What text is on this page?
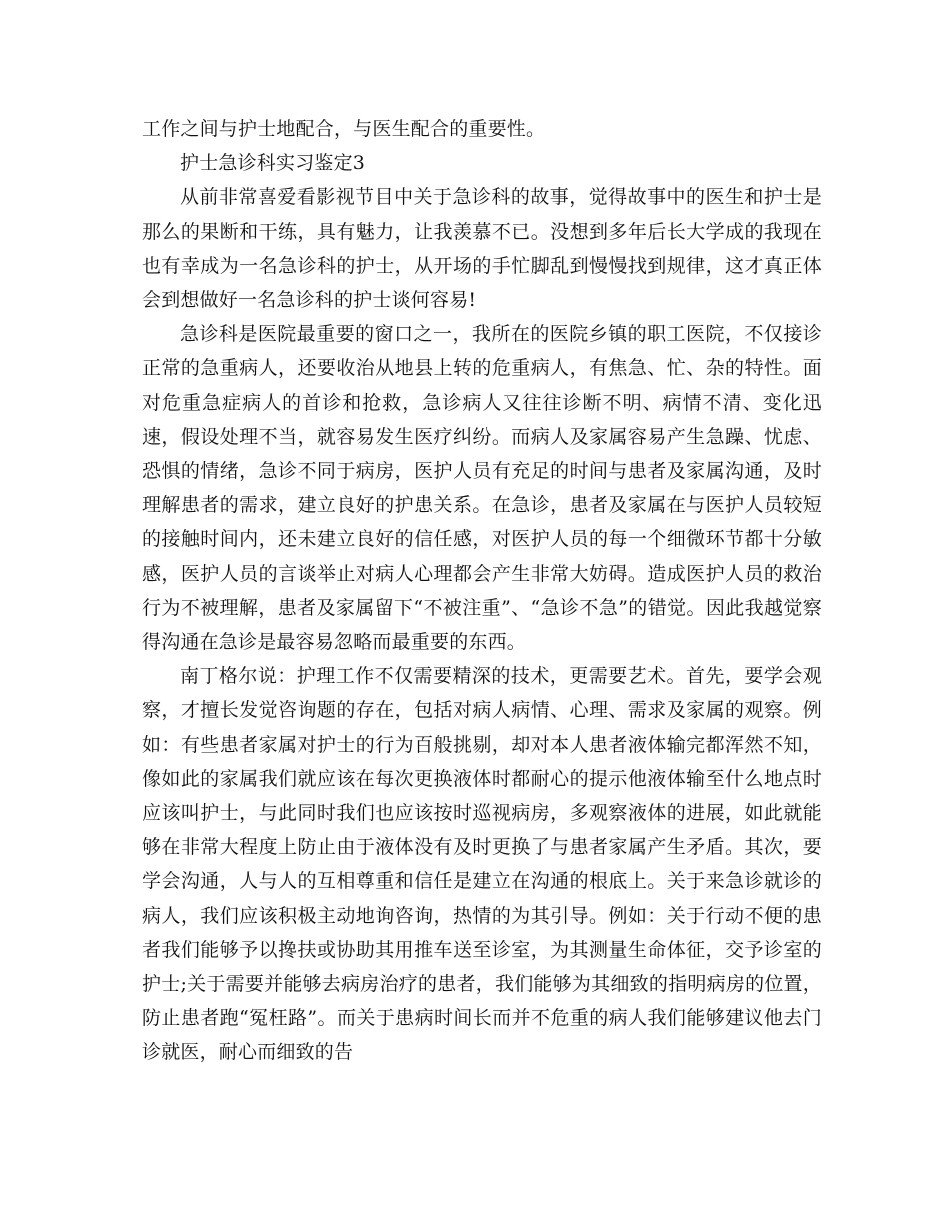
工作之间与护士地配合，与医生配合的重要性。

护士急诊科实习鉴定3

从前非常喜爱看影视节目中关于急诊科的故事，觉得故事中的医生和护士是那么的果断和干练，具有魅力，让我羡慕不已。没想到多年后长大学成的我现在也有幸成为一名急诊科的护士，从开场的手忙脚乱到慢慢找到规律，这才真正体会到想做好一名急诊科的护士谈何容易!

急诊科是医院最重要的窗口之一，我所在的医院乡镇的职工医院，不仅接诊正常的急重病人，还要收治从地县上转的危重病人，有焦急、忙、杂的特性。面对危重急症病人的首诊和抢救，急诊病人又往往诊断不明、病情不清、变化迅速，假设处理不当，就容易发生医疗纠纷。而病人及家属容易产生急躁、忧虑、恐惧的情绪，急诊不同于病房，医护人员有充足的时间与患者及家属沟通，及时理解患者的需求，建立良好的护患关系。在急诊，患者及家属在与医护人员较短的接触时间内，还未建立良好的信任感，对医护人员的每一个细微环节都十分敏感，医护人员的言谈举止对病人心理都会产生非常大妨碍。造成医护人员的救治行为不被理解，患者及家属留下“不被注重”、“急诊不急”的错觉。因此我越觉察得沟通在急诊是最容易忽略而最重要的东西。

南丁格尔说：护理工作不仅需要精深的技术，更需要艺术。首先，要学会观察，才擅长发觉咨询题的存在，包括对病人病情、心理、需求及家属的观察。例如：有些患者家属对护士的行为百般挑剔，却对本人患者液体输完都浑然不知，像如此的家属我们就应该在每次更换液体时都耐心的提示他液体输至什么地点时应该叫护士，与此同时我们也应该按时巡视病房，多观察液体的进展，如此就能够在非常大程度上防止由于液体没有及时更换了与患者家属产生矛盾。其次，要学会沟通，人与人的互相尊重和信任是建立在沟通的根底上。关于来急诊就诊的病人，我们应该积极主动地询咨询，热情的为其引导。例如：关于行动不便的患者我们能够予以搀扶或协助其用推车送至诊室，为其测量生命体征，交予诊室的护士;关于需要并能够去病房治疗的患者，我们能够为其细致的指明病房的位置，防止患者跑“冤枉路”。而关于患病时间长而并不危重的病人我们能够建议他去门诊就医，耐心而细致的告
